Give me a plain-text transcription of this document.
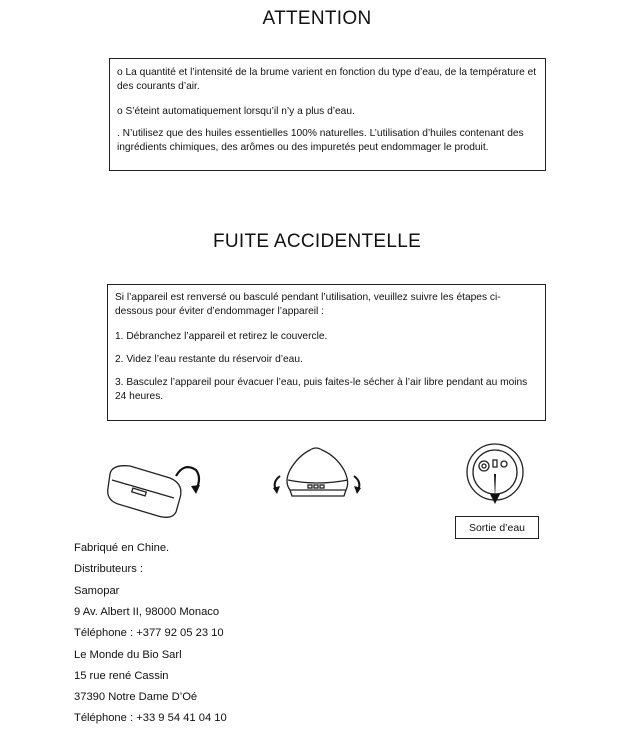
ATTENTION

o La quantité et l’intensité de la brume varient en fonction du type d’eau, de la température et des courants d’air.

o S’éteint automatiquement lorsqu’il n’y a plus d’eau.

. N’utilisez que des huiles essentielles 100% naturelles. L’utilisation d’huiles contenant des ingrédients chimiques, des arômes ou des impuretés peut endommager le produit.

FUITE ACCIDENTELLE

Si l’appareil est renversé ou basculé pendant l’utilisation, veuillez suivre les étapes ci-dessous pour éviter d’endommager l’appareil :

1. Débranchez l’appareil et retirez le couvercle.

2. Videz l’eau restante du réservoir d’eau.

3. Basculez l’appareil pour évacuer l’eau, puis faites-le sécher à l’air libre pendant au moins 24 heures.

Sortie d’eau
Fabriqué en Chine.
Distributeurs :
Samopar
9 Av. Albert II, 98000 Monaco
Téléphone : +377 92 05 23 10
Le Monde du Bio Sarl
15 rue rené Cassin
37390 Notre Dame D’Oé
Téléphone : +33 9 54 41 04 10
